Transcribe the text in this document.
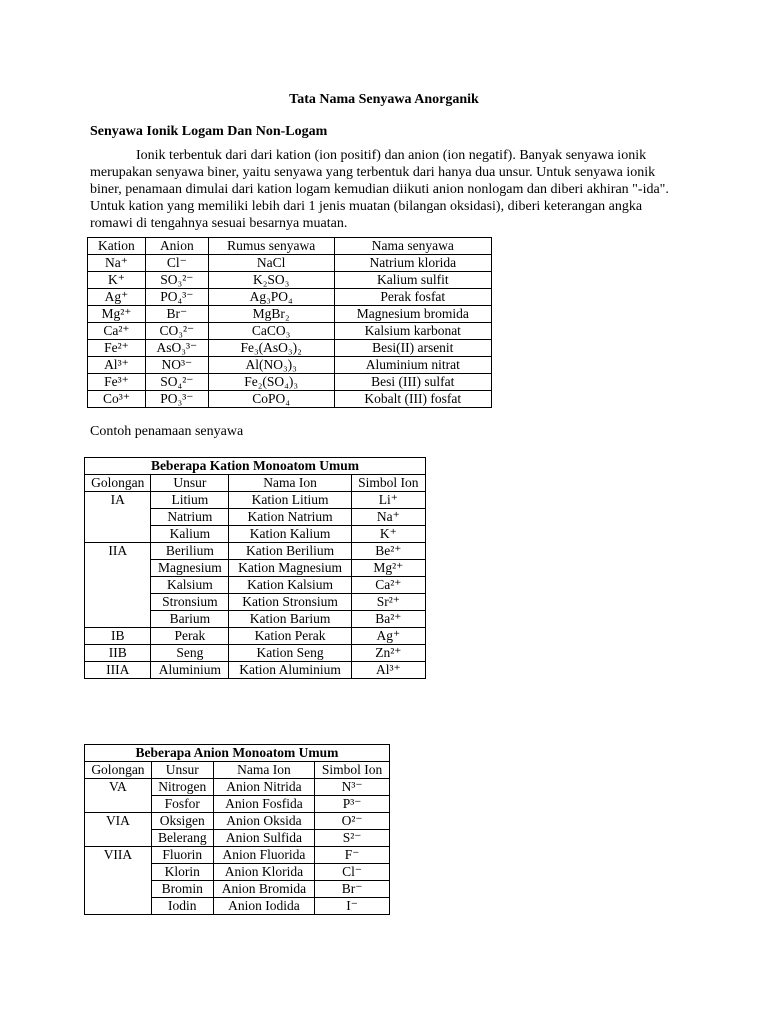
Tata Nama Senyawa Anorganik
Senyawa Ionik Logam Dan Non-Logam
Ionik terbentuk dari dari kation (ion positif) dan anion (ion negatif). Banyak senyawa ionik merupakan senyawa biner, yaitu senyawa yang terbentuk dari hanya dua unsur. Untuk senyawa ionik biner, penamaan dimulai dari kation logam kemudian diikuti anion nonlogam dan diberi akhiran "-ida". Untuk kation yang memiliki lebih dari 1 jenis muatan (bilangan oksidasi), diberi keterangan angka romawi di tengahnya sesuai besarnya muatan.
Kation	Anion	Rumus senyawa	Nama senyawa
Na⁺	Cl⁻	NaCl	Natrium klorida
K⁺	SO₃²⁻	K₂SO₃	Kalium sulfit
Ag⁺	PO₄³⁻	Ag₃PO₄	Perak fosfat
Mg²⁺	Br⁻	MgBr₂	Magnesium bromida
Ca²⁺	CO₃²⁻	CaCO₃	Kalsium karbonat
Fe²⁺	AsO₃³⁻	Fe₃(AsO₃)₂	Besi(II) arsenit
Al³⁺	NO³⁻	Al(NO₃)₃	Aluminium nitrat
Fe³⁺	SO₄²⁻	Fe₂(SO₄)₃	Besi (III) sulfat
Co³⁺	PO₃³⁻	CoPO₄	Kobalt (III) fosfat
Contoh penamaan senyawa
Beberapa Kation Monoatom Umum			
Golongan	Unsur	Nama Ion	Simbol Ion
IA	Litium	Kation Litium	Li⁺
	Natrium	Kation Natrium	Na⁺
	Kalium	Kation Kalium	K⁺
IIA	Berilium	Kation Berilium	Be²⁺
	Magnesium	Kation Magnesium	Mg²⁺
	Kalsium	Kation Kalsium	Ca²⁺
	Stronsium	Kation Stronsium	Sr²⁺
	Barium	Kation Barium	Ba²⁺
IB	Perak	Kation Perak	Ag⁺
IIB	Seng	Kation Seng	Zn²⁺
IIIA	Aluminium	Kation Aluminium	Al³⁺
Beberapa Anion Monoatom Umum			
Golongan	Unsur	Nama Ion	Simbol Ion
VA	Nitrogen	Anion Nitrida	N³⁻
	Fosfor	Anion Fosfida	P³⁻
VIA	Oksigen	Anion Oksida	O²⁻
	Belerang	Anion Sulfida	S²⁻
VIIA	Fluorin	Anion Fluorida	F⁻
	Klorin	Anion Klorida	Cl⁻
	Bromin	Anion Bromida	Br⁻
	Iodin	Anion Iodida	I⁻
